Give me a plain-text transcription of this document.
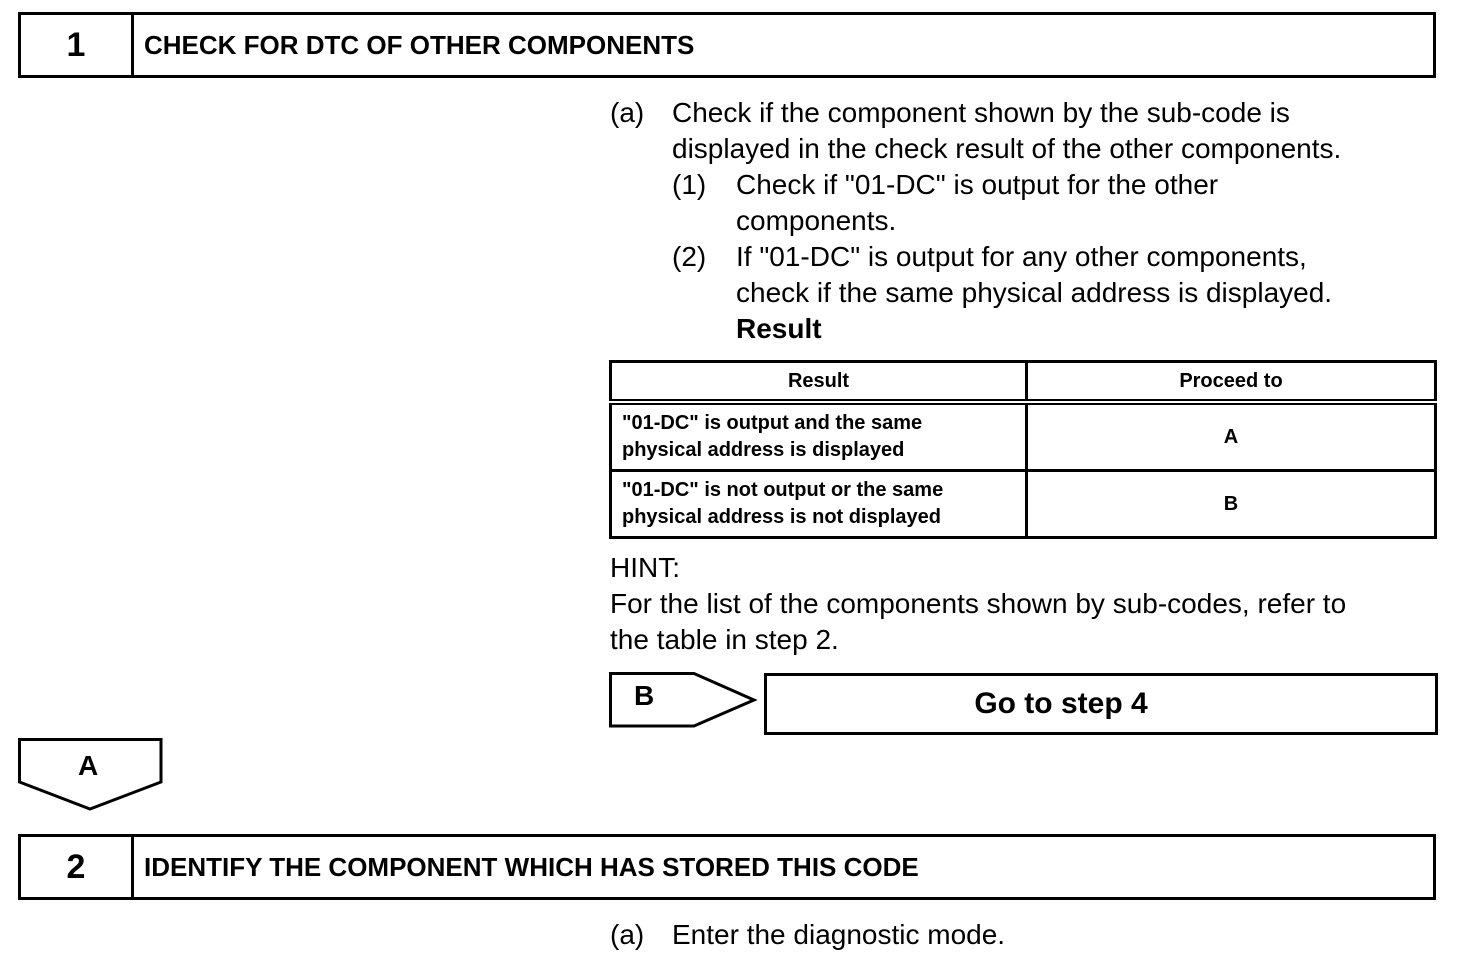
1	CHECK FOR DTC OF OTHER COMPONENTS
(a) Check if the component shown by the sub-code is
displayed in the check result of the other components.
(1) Check if "01-DC" is output for the other
components.
(2) If "01-DC" is output for any other components,
check if the same physical address is displayed.
Result
Result	Proceed to
"01-DC" is output and the same
physical address is displayed	A
"01-DC" is not output or the same
physical address is not displayed	B
HINT:
For the list of the components shown by sub-codes, refer to
the table in step 2.
B	Go to step 4
A
2	IDENTIFY THE COMPONENT WHICH HAS STORED THIS CODE
(a) Enter the diagnostic mode.
